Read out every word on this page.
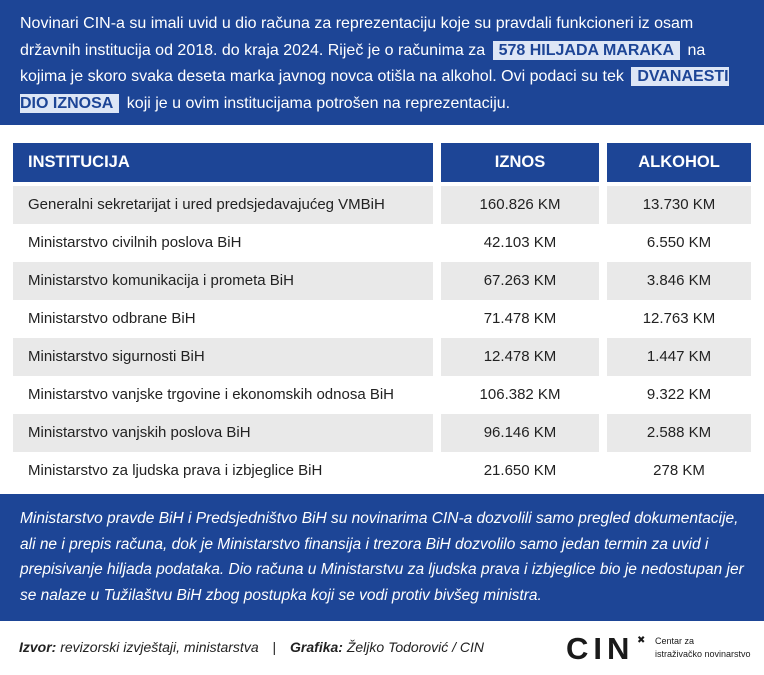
Novinari CIN-a su imali uvid u dio računa za reprezentaciju koje su pravdali funkcioneri iz osam državnih institucija od 2018. do kraja 2024. Riječ je o računima za 578 HILJADA MARAKA na kojima je skoro svaka deseta marka javnog novca otišla na alkohol. Ovi podaci su tek DVANAESTI DIO IZNOSA koji je u ovim institucijama potrošen na reprezentaciju.
INSTITUCIJA	IZNOS	ALKOHOL
Generalni sekretarijat i ured predsjedavajućeg VMBiH	160.826 KM	13.730 KM
Ministarstvo civilnih poslova BiH	42.103 KM	6.550 KM
Ministarstvo komunikacija i prometa BiH	67.263 KM	3.846 KM
Ministarstvo odbrane BiH	71.478 KM	12.763 KM
Ministarstvo sigurnosti BiH	12.478 KM	1.447 KM
Ministarstvo vanjske trgovine i ekonomskih odnosa BiH	106.382 KM	9.322 KM
Ministarstvo vanjskih poslova BiH	96.146 KM	2.588 KM
Ministarstvo za ljudska prava i izbjeglice BiH	21.650 KM	278 KM
Ministarstvo pravde BiH i Predsjedništvo BiH su novinarima CIN-a dozvolili samo pregled dokumentacije, ali ne i prepis računa, dok je Ministarstvo finansija i trezora BiH dozvolilo samo jedan termin za uvid i prepisivanje hiljada podataka. Dio računa u Ministarstvu za ljudska prava i izbjeglice bio je nedostupan jer se nalaze u Tužilaštvu BiH zbog postupka koji se vodi protiv bivšeg ministra.
Izvor: revizorski izvještaji, ministarstva | Grafika: Željko Todorović / CIN	CIN ✖ Centar za
istraživačko novinarstvo
